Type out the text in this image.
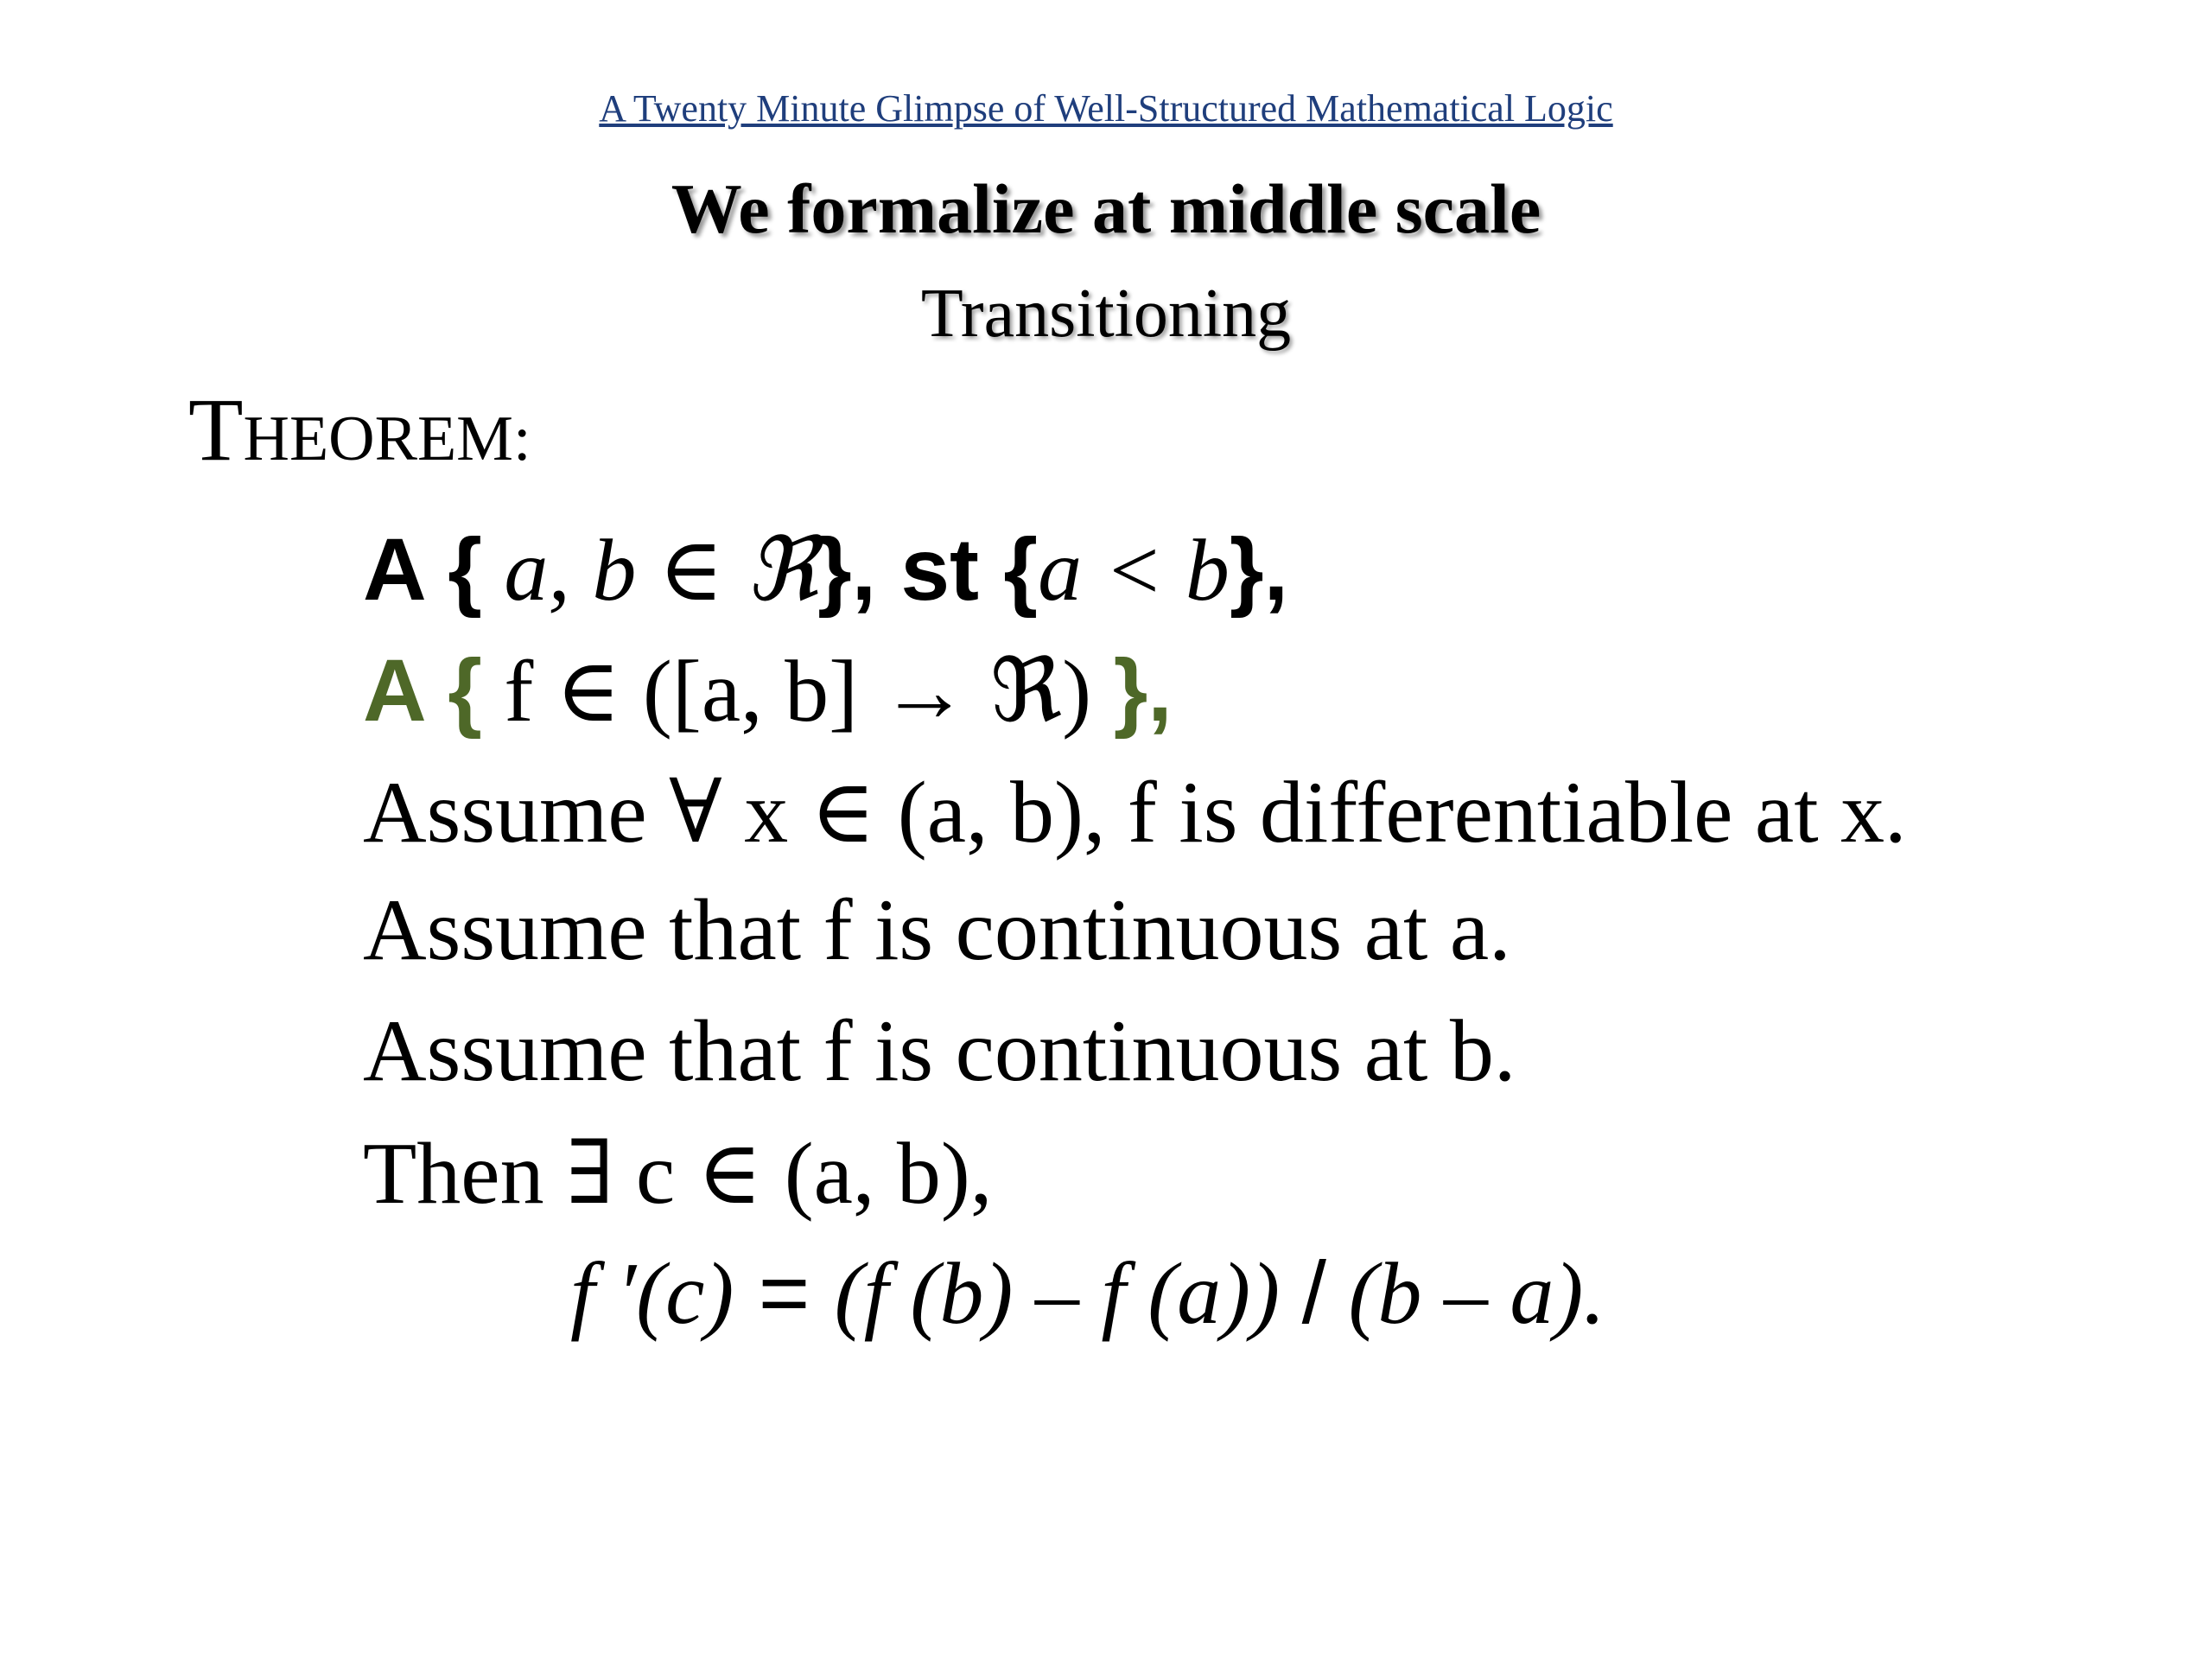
A Twenty Minute Glimpse of Well-Structured Mathematical Logic
We formalize at middle scale
Transitioning
THEOREM:
A { a, b ∈ ℜ}, st {a < b},
A { f ∈ ([a, b] → ℜ) },
Assume ∀ x ∈ (a, b), f is differentiable at x.
Assume that f is continuous at a.
Assume that f is continuous at b.
Then ∃ c ∈ (a, b),
f ′(c) = (f (b) – f (a)) / (b – a).
